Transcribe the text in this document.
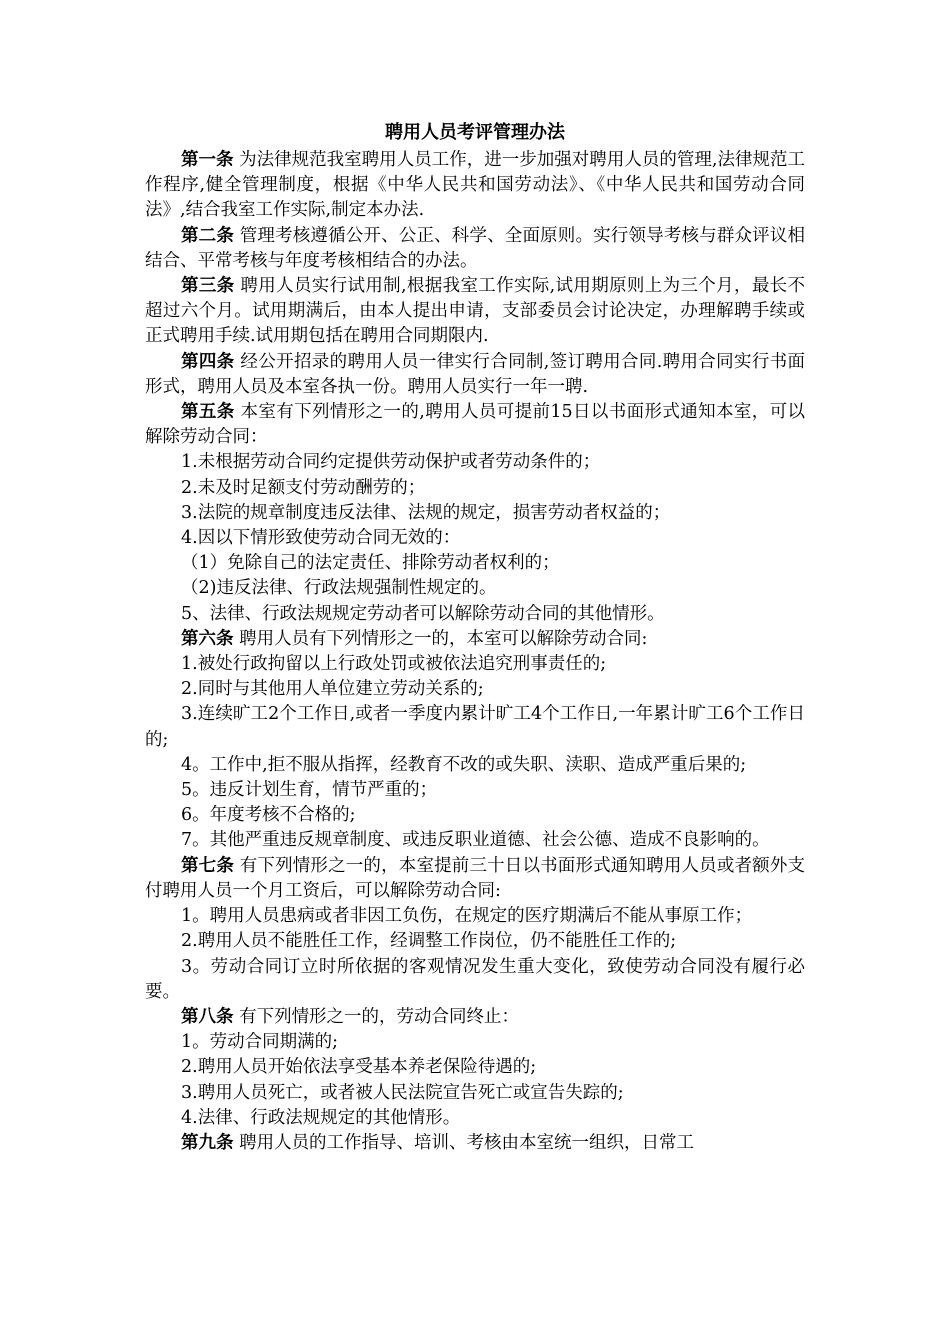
聘用人员考评管理办法

第一条 为法律规范我室聘用人员工作，进一步加强对聘用人员的管理,法律规范工作程序,健全管理制度，根据《中华人民共和国劳动法》、《中华人民共和国劳动合同法》,结合我室工作实际,制定本办法.

第二条 管理考核遵循公开、公正、科学、全面原则。实行领导考核与群众评议相结合、平常考核与年度考核相结合的办法。

第三条 聘用人员实行试用制,根据我室工作实际,试用期原则上为三个月，最长不超过六个月。试用期满后，由本人提出申请，支部委员会讨论决定，办理解聘手续或正式聘用手续.试用期包括在聘用合同期限内.

第四条 经公开招录的聘用人员一律实行合同制,签订聘用合同.聘用合同实行书面形式，聘用人员及本室各执一份。聘用人员实行一年一聘.

第五条 本室有下列情形之一的,聘用人员可提前15日以书面形式通知本室，可以解除劳动合同：

1.未根据劳动合同约定提供劳动保护或者劳动条件的；

2.未及时足额支付劳动酬劳的；

3.法院的规章制度违反法律、法规的规定，损害劳动者权益的；

4.因以下情形致使劳动合同无效的：

（1）免除自己的法定责任、排除劳动者权利的；

（2)违反法律、行政法规强制性规定的。

5、法律、行政法规规定劳动者可以解除劳动合同的其他情形。

第六条 聘用人员有下列情形之一的，本室可以解除劳动合同:

1.被处行政拘留以上行政处罚或被依法追究刑事责任的;

2.同时与其他用人单位建立劳动关系的;

3.连续旷工2个工作日,或者一季度内累计旷工4个工作日,一年累计旷工6个工作日的;

4。工作中,拒不服从指挥，经教育不改的或失职、渎职、造成严重后果的;

5。违反计划生育，情节严重的；

6。年度考核不合格的;

7。其他严重违反规章制度、或违反职业道德、社会公德、造成不良影响的。

第七条 有下列情形之一的，本室提前三十日以书面形式通知聘用人员或者额外支付聘用人员一个月工资后，可以解除劳动合同:

1。聘用人员患病或者非因工负伤，在规定的医疗期满后不能从事原工作；

2.聘用人员不能胜任工作，经调整工作岗位，仍不能胜任工作的;

3。劳动合同订立时所依据的客观情况发生重大变化，致使劳动合同没有履行必要。

第八条 有下列情形之一的，劳动合同终止：

1。劳动合同期满的;

2.聘用人员开始依法享受基本养老保险待遇的;

3.聘用人员死亡，或者被人民法院宣告死亡或宣告失踪的;

4.法律、行政法规规定的其他情形。

第九条 聘用人员的工作指导、培训、考核由本室统一组织，日常工
